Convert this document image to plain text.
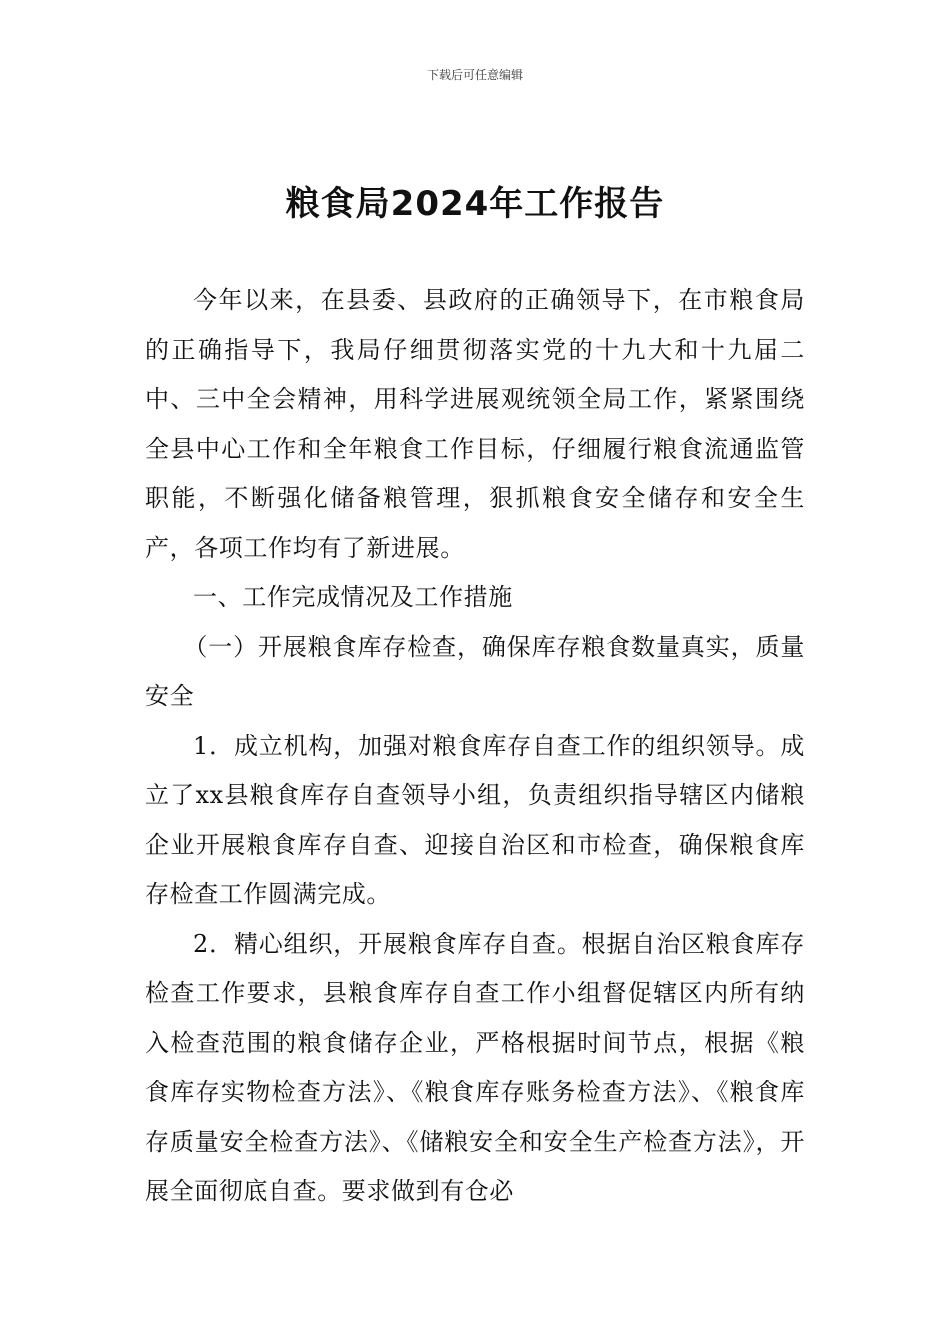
下载后可任意编辑
粮食局2024年工作报告

今年以来，在县委、县政府的正确领导下，在市粮食局的正确指导下，我局仔细贯彻落实党的十九大和十九届二中、三中全会精神，用科学进展观统领全局工作，紧紧围绕全县中心工作和全年粮食工作目标，仔细履行粮食流通监管职能，不断强化储备粮管理，狠抓粮食安全储存和安全生产，各项工作均有了新进展。

一、工作完成情况及工作措施

（一）开展粮食库存检查，确保库存粮食数量真实，质量安全

1．成立机构，加强对粮食库存自查工作的组织领导。成立了xx县粮食库存自查领导小组，负责组织指导辖区内储粮企业开展粮食库存自查、迎接自治区和市检查，确保粮食库存检查工作圆满完成。

2．精心组织，开展粮食库存自查。根据自治区粮食库存检查工作要求，县粮食库存自查工作小组督促辖区内所有纳入检查范围的粮食储存企业，严格根据时间节点，根据《粮食库存实物检查方法》、《粮食库存账务检查方法》、《粮食库存质量安全检查方法》、《储粮安全和安全生产检查方法》，开展全面彻底自查。要求做到有仓必
